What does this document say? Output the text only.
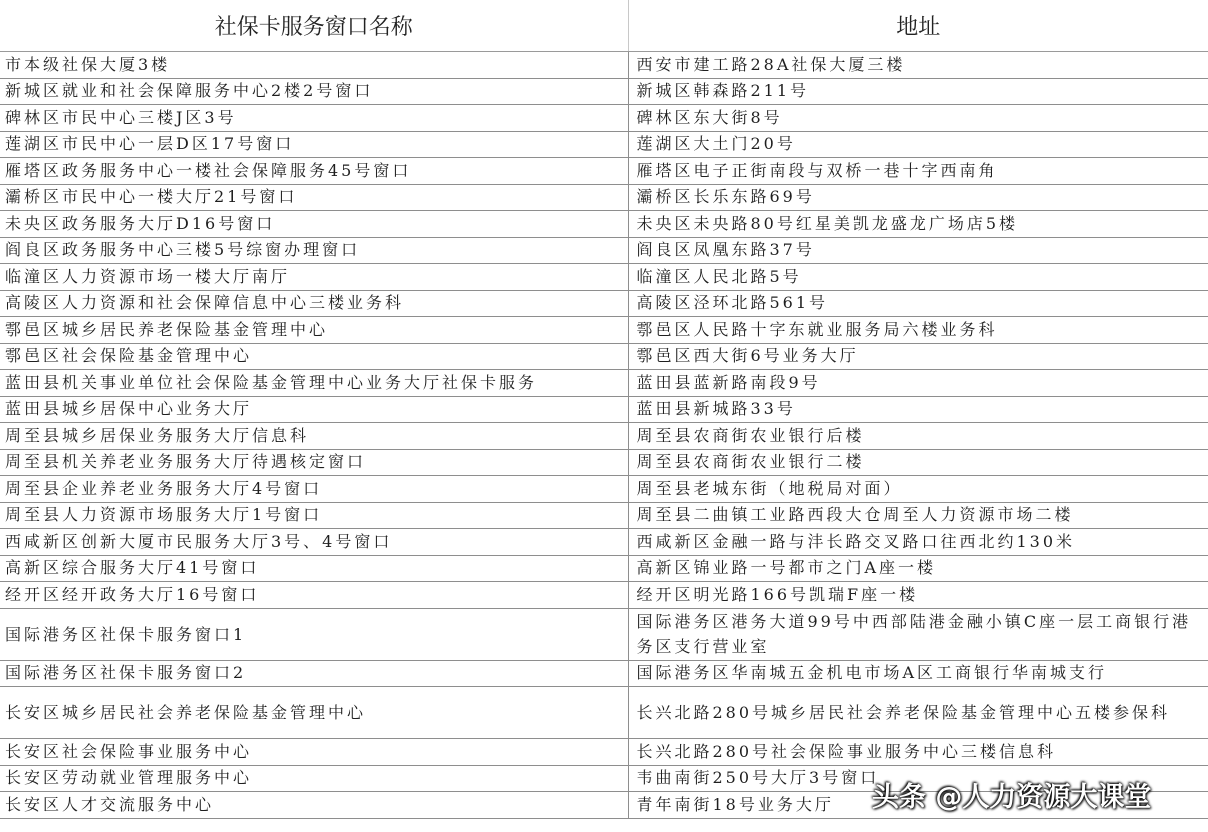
社保卡服务窗口名称	地址
市本级社保大厦3楼	西安市建工路28A社保大厦三楼
新城区就业和社会保障服务中心2楼2号窗口	新城区韩森路211号
碑林区市民中心三楼J区3号	碑林区东大街8号
莲湖区市民中心一层D区17号窗口	莲湖区大土门20号
雁塔区政务服务中心一楼社会保障服务45号窗口	雁塔区电子正街南段与双桥一巷十字西南角
灞桥区市民中心一楼大厅21号窗口	灞桥区长乐东路69号
未央区政务服务大厅D16号窗口	未央区未央路80号红星美凯龙盛龙广场店5楼
阎良区政务服务中心三楼5号综窗办理窗口	阎良区凤凰东路37号
临潼区人力资源市场一楼大厅南厅	临潼区人民北路5号
高陵区人力资源和社会保障信息中心三楼业务科	高陵区泾环北路561号
鄠邑区城乡居民养老保险基金管理中心	鄠邑区人民路十字东就业服务局六楼业务科
鄠邑区社会保险基金管理中心	鄠邑区西大街6号业务大厅
蓝田县机关事业单位社会保险基金管理中心业务大厅社保卡服务	蓝田县蓝新路南段9号
蓝田县城乡居保中心业务大厅	蓝田县新城路33号
周至县城乡居保业务服务大厅信息科	周至县农商街农业银行后楼
周至县机关养老业务服务大厅待遇核定窗口	周至县农商街农业银行二楼
周至县企业养老业务服务大厅4号窗口	周至县老城东街（地税局对面）
周至县人力资源市场服务大厅1号窗口	周至县二曲镇工业路西段大仓周至人力资源市场二楼
西咸新区创新大厦市民服务大厅3号、4号窗口	西咸新区金融一路与沣长路交叉路口往西北约130米
高新区综合服务大厅41号窗口	高新区锦业路一号都市之门A座一楼
经开区经开政务大厅16号窗口	经开区明光路166号凯瑞F座一楼
国际港务区社保卡服务窗口1	国际港务区港务大道99号中西部陆港金融小镇C座一层工商银行港务区支行营业室
国际港务区社保卡服务窗口2	国际港务区华南城五金机电市场A区工商银行华南城支行
长安区城乡居民社会养老保险基金管理中心	长兴北路280号城乡居民社会养老保险基金管理中心五楼参保科
长安区社会保险事业服务中心	长兴北路280号社会保险事业服务中心三楼信息科
长安区劳动就业管理服务中心	韦曲南街250号大厅3号窗口
长安区人才交流服务中心	青年南街18号业务大厅 头条 @人力资源大课堂
